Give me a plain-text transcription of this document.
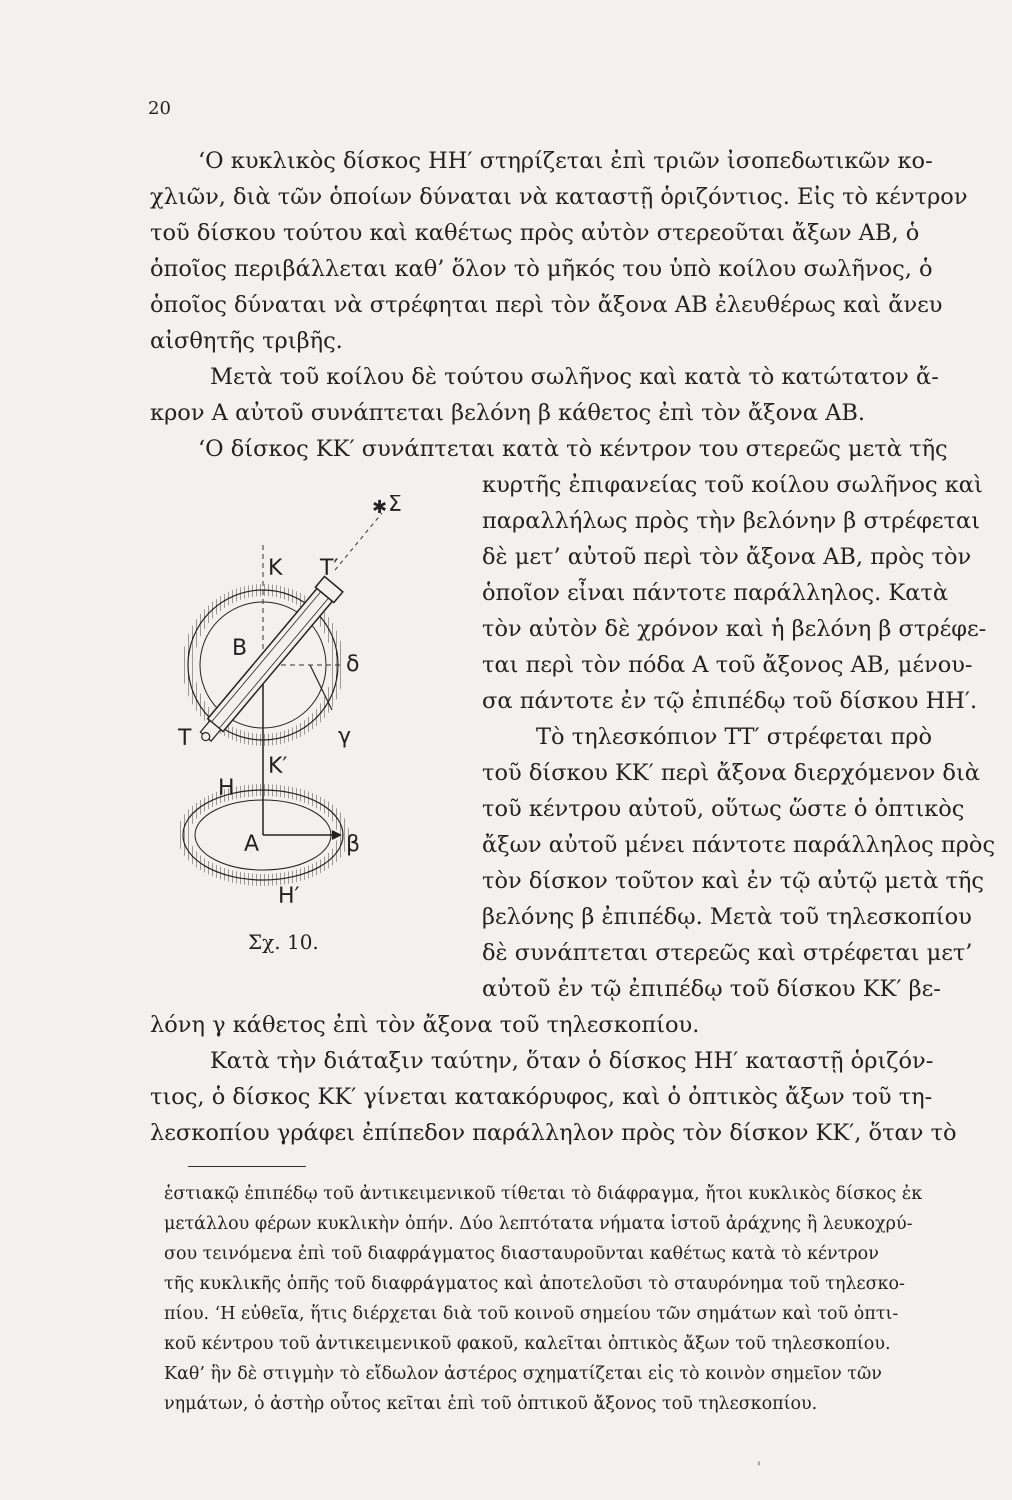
20
‘Ο κυκλικὸς δίσκος ΗΗ′ στηρίζεται ἐπὶ τριῶν ἰσοπεδωτικῶν κο-
χλιῶν, διὰ τῶν ὁποίων δύναται νὰ καταστῇ ὁριζόντιος. Εἰς τὸ κέντρον
τοῦ δίσκου τούτου καὶ καθέτως πρὸς αὐτὸν στερεοῦται ἄξων ΑΒ, ὁ
ὁποῖος περιβάλλεται καθ’ ὅλον τὸ μῆκός του ὑπὸ κοίλου σωλῆνος, ὁ
ὁποῖος δύναται νὰ στρέφηται περὶ τὸν ἄξονα ΑΒ ἐλευθέρως καὶ ἄνευ
αἰσθητῆς τριβῆς.
Μετὰ τοῦ κοίλου δὲ τούτου σωλῆνος καὶ κατὰ τὸ κατώτατον ἄ-
κρον Α αὐτοῦ συνάπτεται βελόνη β κάθετος ἐπὶ τὸν ἄξονα ΑΒ.
‘Ο δίσκος ΚΚ′ συνάπτεται κατὰ τὸ κέντρον του στερεῶς μετὰ τῆς
κυρτῆς ἐπιφανείας τοῦ κοίλου σωλῆνος καὶ
παραλλήλως πρὸς τὴν βελόνην β στρέφεται
δὲ μετ’ αὐτοῦ περὶ τὸν ἄξονα ΑΒ, πρὸς τὸν
ὁποῖον εἶναι πάντοτε παράλληλος. Κατὰ
τὸν αὐτὸν δὲ χρόνον καὶ ἡ βελόνη β στρέφε-
ται περὶ τὸν πόδα Α τοῦ ἄξονος ΑΒ, μένου-
σα πάντοτε ἐν τῷ ἐπιπέδῳ τοῦ δίσκου ΗΗ′.
Τὸ τηλεσκόπιον ΤΤ′ στρέφεται πρὸ
τοῦ δίσκου ΚΚ′ περὶ ἄξονα διερχόμενον διὰ
τοῦ κέντρου αὐτοῦ, οὕτως ὥστε ὁ ὀπτικὸς
ἄξων αὐτοῦ μένει πάντοτε παράλληλος πρὸς
τὸν δίσκον τοῦτον καὶ ἐν τῷ αὐτῷ μετὰ τῆς
βελόνης β ἐπιπέδῳ. Μετὰ τοῦ τηλεσκοπίου
δὲ συνάπτεται στερεῶς καὶ στρέφεται μετ’
αὐτοῦ ἐν τῷ ἐπιπέδῳ τοῦ δίσκου ΚΚ′ βε-
λόνη γ κάθετος ἐπὶ τὸν ἄξονα τοῦ τηλεσκοπίου.
Κατὰ τὴν διάταξιν ταύτην, ὅταν ὁ δίσκος ΗΗ′ καταστῇ ὁριζόν-
τιος, ὁ δίσκος ΚΚ′ γίνεται κατακόρυφος, καὶ ὁ ὀπτικὸς ἄξων τοῦ τη-
λεσκοπίου γράφει ἐπίπεδον παράλληλον πρὸς τὸν δίσκον ΚΚ′, ὅταν τὸ
ἑστιακῷ ἐπιπέδῳ τοῦ ἀντικειμενικοῦ τίθεται τὸ διάφραγμα, ἤτοι κυκλικὸς δίσκος ἐκ
μετάλλου φέρων κυκλικὴν ὀπήν. Δύο λεπτότατα νήματα ἱστοῦ ἀράχνης ἢ λευκοχρύ-
σου τεινόμενα ἐπὶ τοῦ διαφράγματος διασταυροῦνται καθέτως κατὰ τὸ κέντρον
τῆς κυκλικῆς ὀπῆς τοῦ διαφράγματος καὶ ἀποτελοῦσι τὸ σταυρόνημα τοῦ τηλεσκο-
πίου. ‘Η εὐθεῖα, ἥτις διέρχεται διὰ τοῦ κοινοῦ σημείου τῶν σημάτων καὶ τοῦ ὀπτι-
κοῦ κέντρου τοῦ ἀντικειμενικοῦ φακοῦ, καλεῖται ὀπτικὸς ἄξων τοῦ τηλεσκοπίου.
Καθ’ ἣν δὲ στιγμὴν τὸ εἴδωλον ἀστέρος σχηματίζεται εἰς τὸ κοινὸν σημεῖον τῶν
νημάτων, ὁ ἀστὴρ οὗτος κεῖται ἐπὶ τοῦ ὀπτικοῦ ἄξονος τοῦ τηλεσκοπίου.
✱ Σ
Κ Τ′
Β
δ
Τ	γ
Κ′
Η
Α	β
Η′
Σχ. 10.
'
